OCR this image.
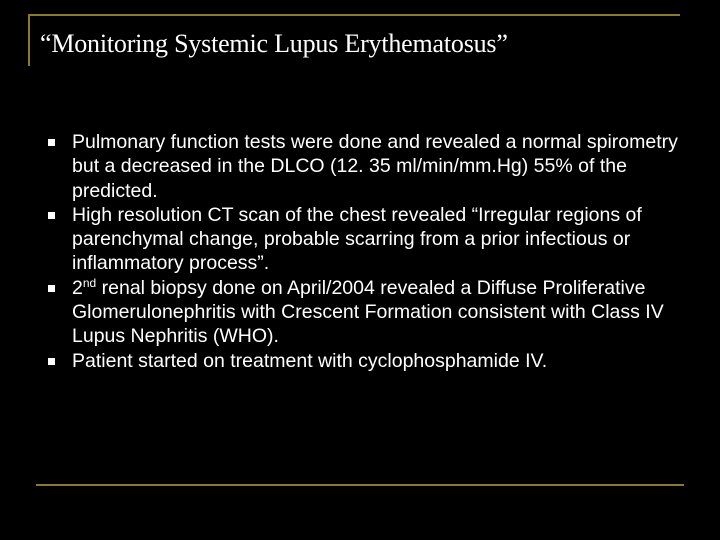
“Monitoring Systemic Lupus Erythematosus”
Pulmonary function tests were done and revealed a normal spirometry but a decreased in the DLCO (12. 35 ml/min/mm.Hg) 55% of the predicted.
High resolution CT scan of the chest revealed “Irregular regions of parenchymal change, probable scarring from a prior infectious or inflammatory process”.
2nd renal biopsy done on April/2004 revealed a Diffuse Proliferative Glomerulonephritis with Crescent Formation consistent with Class IV Lupus Nephritis (WHO).
Patient started on treatment with cyclophosphamide IV.
